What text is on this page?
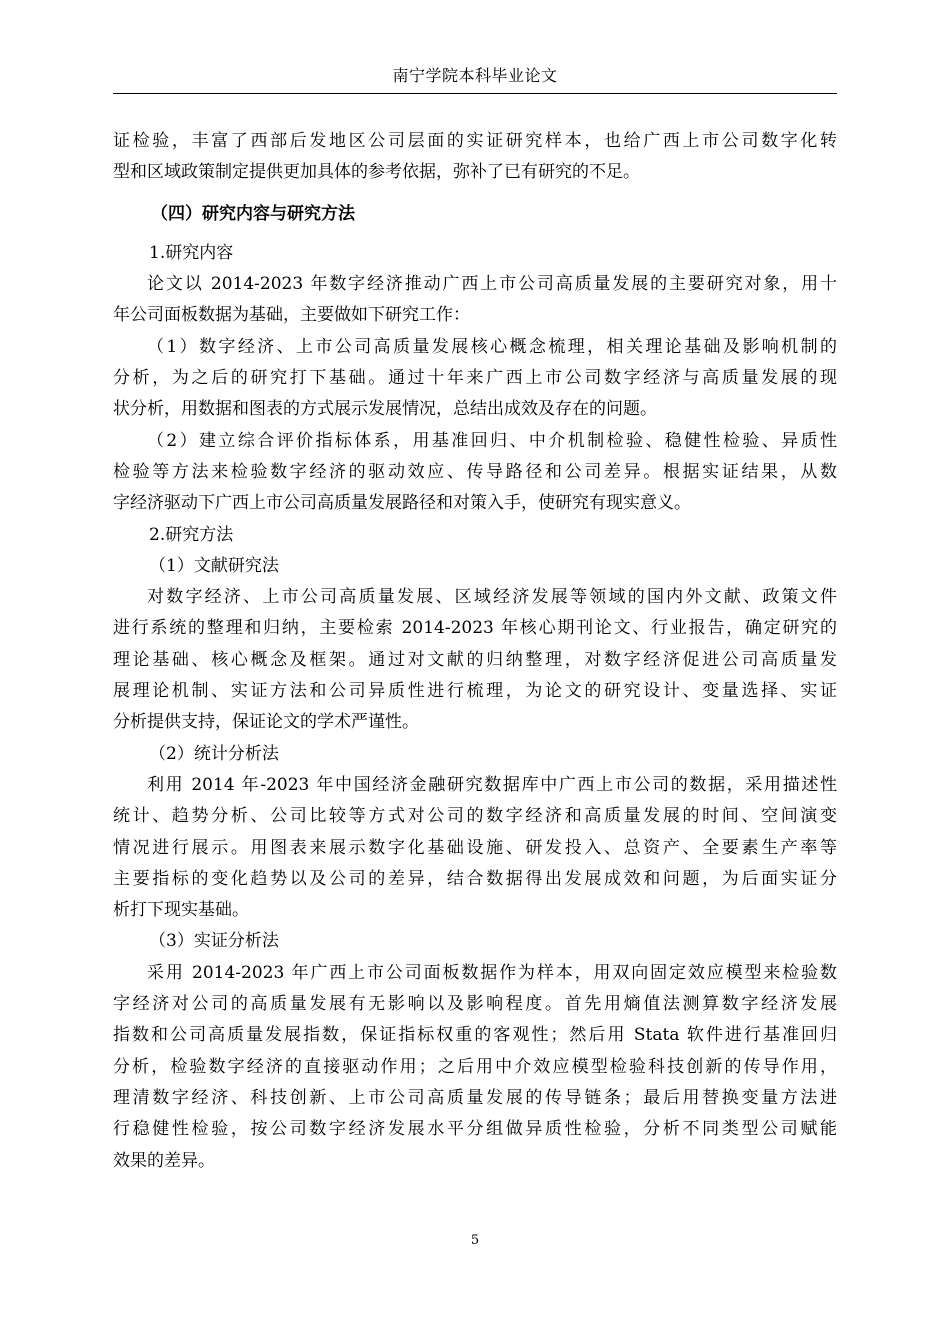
南宁学院本科毕业论文
证检验，丰富了西部后发地区公司层面的实证研究样本，也给广西上市公司数字化转
型和区域政策制定提供更加具体的参考依据，弥补了已有研究的不足。
（四）研究内容与研究方法
1.研究内容
论文以 2014-2023 年数字经济推动广西上市公司高质量发展的主要研究对象，用十
年公司面板数据为基础，主要做如下研究工作：
（1）数字经济、上市公司高质量发展核心概念梳理，相关理论基础及影响机制的
分析，为之后的研究打下基础。通过十年来广西上市公司数字经济与高质量发展的现
状分析，用数据和图表的方式展示发展情况，总结出成效及存在的问题。
（2）建立综合评价指标体系，用基准回归、中介机制检验、稳健性检验、异质性
检验等方法来检验数字经济的驱动效应、传导路径和公司差异。根据实证结果，从数
字经济驱动下广西上市公司高质量发展路径和对策入手，使研究有现实意义。
2.研究方法
（1）文献研究法
对数字经济、上市公司高质量发展、区域经济发展等领域的国内外文献、政策文件
进行系统的整理和归纳，主要检索 2014-2023 年核心期刊论文、行业报告，确定研究的
理论基础、核心概念及框架。通过对文献的归纳整理，对数字经济促进公司高质量发
展理论机制、实证方法和公司异质性进行梳理，为论文的研究设计、变量选择、实证
分析提供支持，保证论文的学术严谨性。
（2）统计分析法
利用 2014 年-2023 年中国经济金融研究数据库中广西上市公司的数据，采用描述性
统计、趋势分析、公司比较等方式对公司的数字经济和高质量发展的时间、空间演变
情况进行展示。用图表来展示数字化基础设施、研发投入、总资产、全要素生产率等
主要指标的变化趋势以及公司的差异，结合数据得出发展成效和问题，为后面实证分
析打下现实基础。
（3）实证分析法
采用 2014-2023 年广西上市公司面板数据作为样本，用双向固定效应模型来检验数
字经济对公司的高质量发展有无影响以及影响程度。首先用熵值法测算数字经济发展
指数和公司高质量发展指数，保证指标权重的客观性；然后用 Stata 软件进行基准回归
分析，检验数字经济的直接驱动作用；之后用中介效应模型检验科技创新的传导作用，
理清数字经济、科技创新、上市公司高质量发展的传导链条；最后用替换变量方法进
行稳健性检验，按公司数字经济发展水平分组做异质性检验，分析不同类型公司赋能
效果的差异。
5
